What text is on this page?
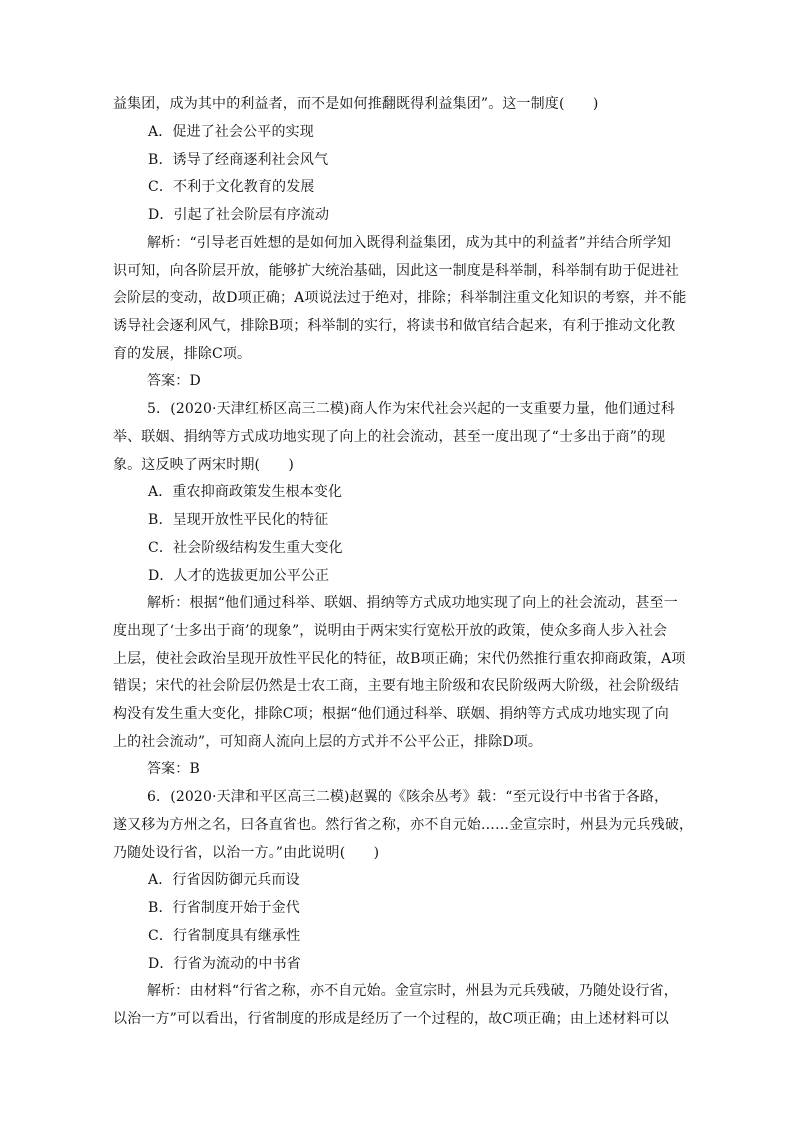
益集团，成为其中的利益者，而不是如何推翻既得利益集团”。这一制度(　　)
A．促进了社会公平的实现
B．诱导了经商逐利社会风气
C．不利于文化教育的发展
D．引起了社会阶层有序流动
解析：“引导老百姓想的是如何加入既得利益集团，成为其中的利益者”并结合所学知
识可知，向各阶层开放，能够扩大统治基础，因此这一制度是科举制，科举制有助于促进社
会阶层的变动，故D项正确；A项说法过于绝对，排除；科举制注重文化知识的考察，并不能
诱导社会逐利风气，排除B项；科举制的实行，将读书和做官结合起来，有利于推动文化教
育的发展，排除C项。
答案：D
5．(2020·天津红桥区高三二模)商人作为宋代社会兴起的一支重要力量，他们通过科
举、联姻、捐纳等方式成功地实现了向上的社会流动，甚至一度出现了“士多出于商”的现
象。这反映了两宋时期(　　)
A．重农抑商政策发生根本变化
B．呈现开放性平民化的特征
C．社会阶级结构发生重大变化
D．人才的选拔更加公平公正
解析：根据“他们通过科举、联姻、捐纳等方式成功地实现了向上的社会流动，甚至一
度出现了‘士多出于商’的现象”，说明由于两宋实行宽松开放的政策，使众多商人步入社会
上层，使社会政治呈现开放性平民化的特征，故B项正确；宋代仍然推行重农抑商政策，A项
错误；宋代的社会阶层仍然是士农工商，主要有地主阶级和农民阶级两大阶级，社会阶级结
构没有发生重大变化，排除C项；根据“他们通过科举、联姻、捐纳等方式成功地实现了向
上的社会流动”，可知商人流向上层的方式并不公平公正，排除D项。
答案：B
6．(2020·天津和平区高三二模)赵翼的《陔余丛考》载：“至元设行中书省于各路，
遂又移为方州之名，曰各直省也。然行省之称，亦不自元始……金宣宗时，州县为元兵残破，
乃随处设行省，以治一方。”由此说明(　　)
A．行省因防御元兵而设
B．行省制度开始于金代
C．行省制度具有继承性
D．行省为流动的中书省
解析：由材料“行省之称，亦不自元始。金宣宗时，州县为元兵残破，乃随处设行省，
以治一方”可以看出，行省制度的形成是经历了一个过程的，故C项正确；由上述材料可以
